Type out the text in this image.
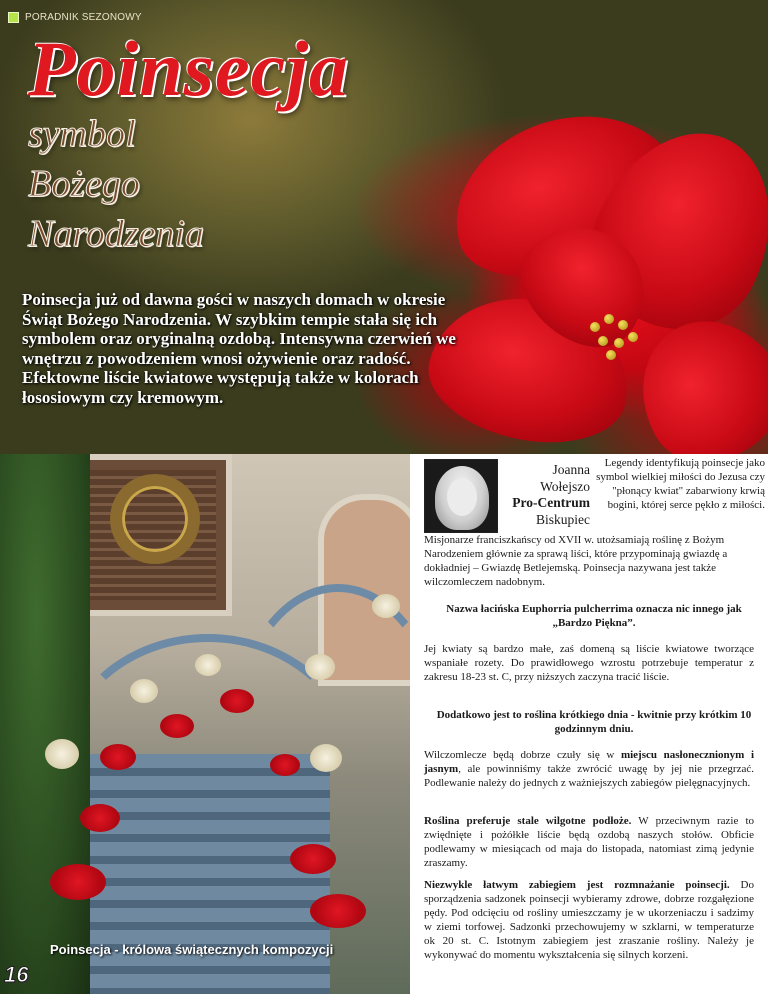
PORADNIK SEZONOWY
Poinsecja
symbol
Bożego
Narodzenia

Poinsecja już od dawna gości w naszych domach w okresie Świąt Bożego Narodzenia. W szybkim tempie stała się ich symbolem oraz oryginalną ozdobą. Intensywna czerwień we wnętrzu z powodzeniem wnosi ożywienie oraz radość. Efektowne liście kwiatowe występują także w kolorach łososiowym czy kremowym.

Poinsecja - królowa świątecznych kompozycji
16
Joanna
Wołejszo
Pro-Centrum
Biskupiec
Legendy identyfikują poinsecje jako symbol wielkiej miłości do Jezusa czy "płonący kwiat" zabarwiony krwią bogini, której serce pękło z miłości.

Misjonarze franciszkańscy od XVII w. utożsamiają roślinę z Bożym Narodzeniem głównie za sprawą liści, które przypominają gwiazdę a dokładniej – Gwiazdę Betlejemską. Poinsecja nazywana jest także wilczomleczem nadobnym.

Nazwa łacińska Euphorria pulcherrima oznacza nic innego jak „Bardzo Piękna”.

Jej kwiaty są bardzo małe, zaś domeną są liście kwiatowe tworzące wspaniałe rozety. Do prawidłowego wzrostu potrzebuje temperatur z zakresu 18-23 st. C, przy niższych zaczyna tracić liście.

Dodatkowo jest to roślina krótkiego dnia - kwitnie przy krótkim 10 godzinnym dniu.

Wilczomlecze będą dobrze czuły się w miejscu nasłonecznionym i jasnym, ale powinniśmy także zwrócić uwagę by jej nie przegrzać. Podlewanie należy do jednych z ważniejszych zabiegów pielęgnacyjnych.

Roślina preferuje stale wilgotne podłoże. W przeciwnym razie to zwiędnięte i pożółkłe liście będą ozdobą naszych stołów. Obficie podlewamy w miesiącach od maja do listopada, natomiast zimą jedynie zraszamy.

Niezwykle łatwym zabiegiem jest rozmnażanie poinsecji. Do sporządzenia sadzonek poinsecji wybieramy zdrowe, dobrze rozgałęzione pędy. Pod odcięciu od rośliny umieszczamy je w ukorzeniaczu i sadzimy w ziemi torfowej. Sadzonki przechowujemy w szklarni, w temperaturze ok 20 st. C. Istotnym zabiegiem jest zraszanie rośliny. Należy je wykonywać do momentu wykształcenia się silnych korzeni.
